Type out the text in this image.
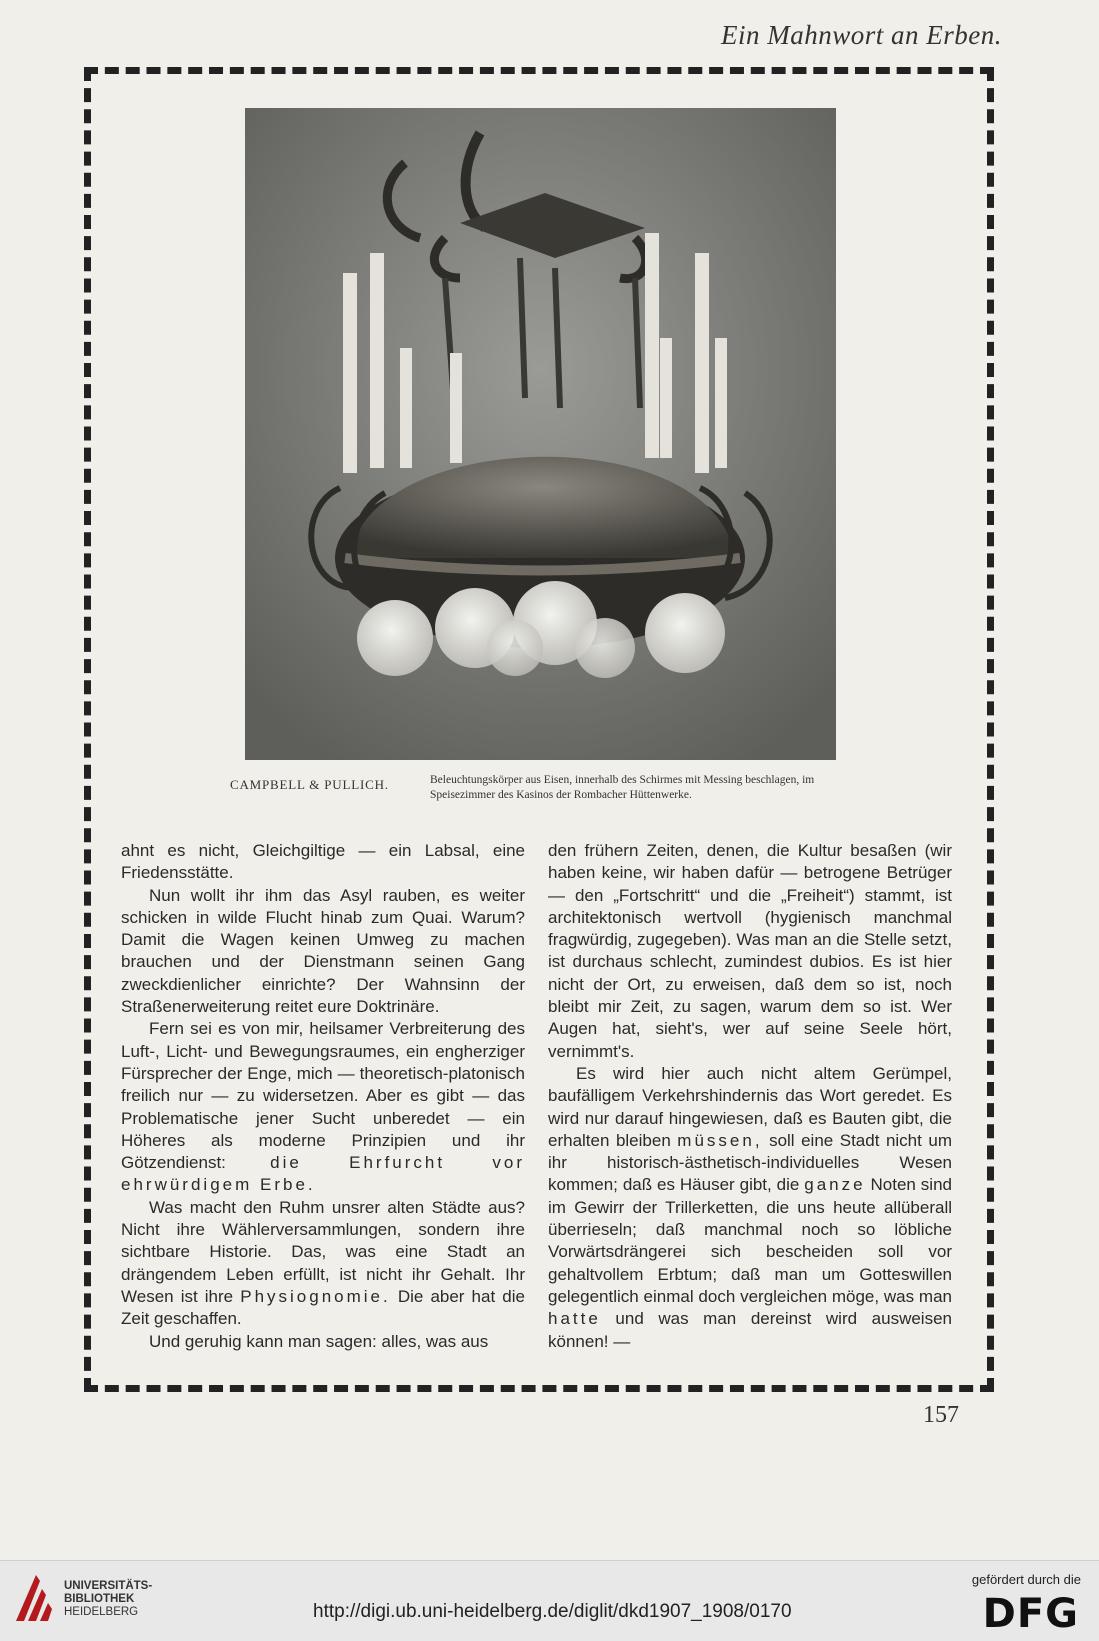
Ein Mahnwort an Erben.
CAMPBELL & PULLICH.	Beleuchtungskörper aus Eisen, innerhalb des Schirmes mit Messing beschlagen, im Speisezimmer des Kasinos der Rombacher Hüttenwerke.

ahnt es nicht, Gleichgiltige — ein Labsal, eine Friedensstätte.

Nun wollt ihr ihm das Asyl rauben, es weiter schicken in wilde Flucht hinab zum Quai. Warum? Damit die Wagen keinen Umweg zu machen brauchen und der Dienstmann seinen Gang zweckdienlicher einrichte? Der Wahnsinn der Straßenerweiterung reitet eure Doktrinäre.

Fern sei es von mir, heilsamer Verbreiterung des Luft-, Licht- und Bewegungsraumes, ein engherziger Fürsprecher der Enge, mich — theoretisch-platonisch freilich nur — zu widersetzen. Aber es gibt — das Problematische jener Sucht unberedet — ein Höheres als moderne Prinzipien und ihr Götzendienst:	die Ehrfurcht vor ehrwürdigem Erbe.

Was macht den Ruhm unsrer alten Städte aus? Nicht ihre Wählerversammlungen, sondern ihre sichtbare Historie. Das, was eine Stadt an drängendem Leben erfüllt, ist nicht ihr Gehalt. Ihr Wesen ist ihre Physiognomie. Die aber hat die Zeit geschaffen.

Und geruhig kann man sagen: alles, was aus

den frühern Zeiten, denen, die Kultur besaßen (wir haben keine, wir haben dafür — betrogene Betrüger — den „Fortschritt“ und die „Freiheit“) stammt, ist architektonisch wertvoll (hygienisch manchmal fragwürdig, zugegeben). Was man an die Stelle setzt, ist durchaus schlecht, zumindest dubios. Es ist hier nicht der Ort, zu erweisen, daß dem so ist, noch bleibt mir Zeit, zu sagen, warum dem so ist. Wer Augen hat, sieht's, wer auf seine Seele hört, vernimmt's.

Es wird hier auch nicht altem Gerümpel, baufälligem Verkehrshindernis das Wort geredet. Es wird nur darauf hingewiesen, daß es Bauten gibt, die erhalten bleiben müssen, soll eine Stadt nicht um ihr historisch-ästhetisch-individuelles Wesen kommen; daß es Häuser gibt, die ganze Noten sind im Gewirr der Trillerketten, die uns heute allüberall überrieseln; daß manchmal noch so löbliche Vorwärtsdrängerei sich bescheiden soll vor gehaltvollem Erbtum; daß man um Gotteswillen gelegentlich einmal doch vergleichen möge, was man hatte und was man dereinst wird ausweisen können! —

157
UNIVERSITÄTS-
BIBLIOTHEK
HEIDELBERG	http://digi.ub.uni-heidelberg.de/diglit/dkd1907_1908/0170
gefördert durch die
DFG
